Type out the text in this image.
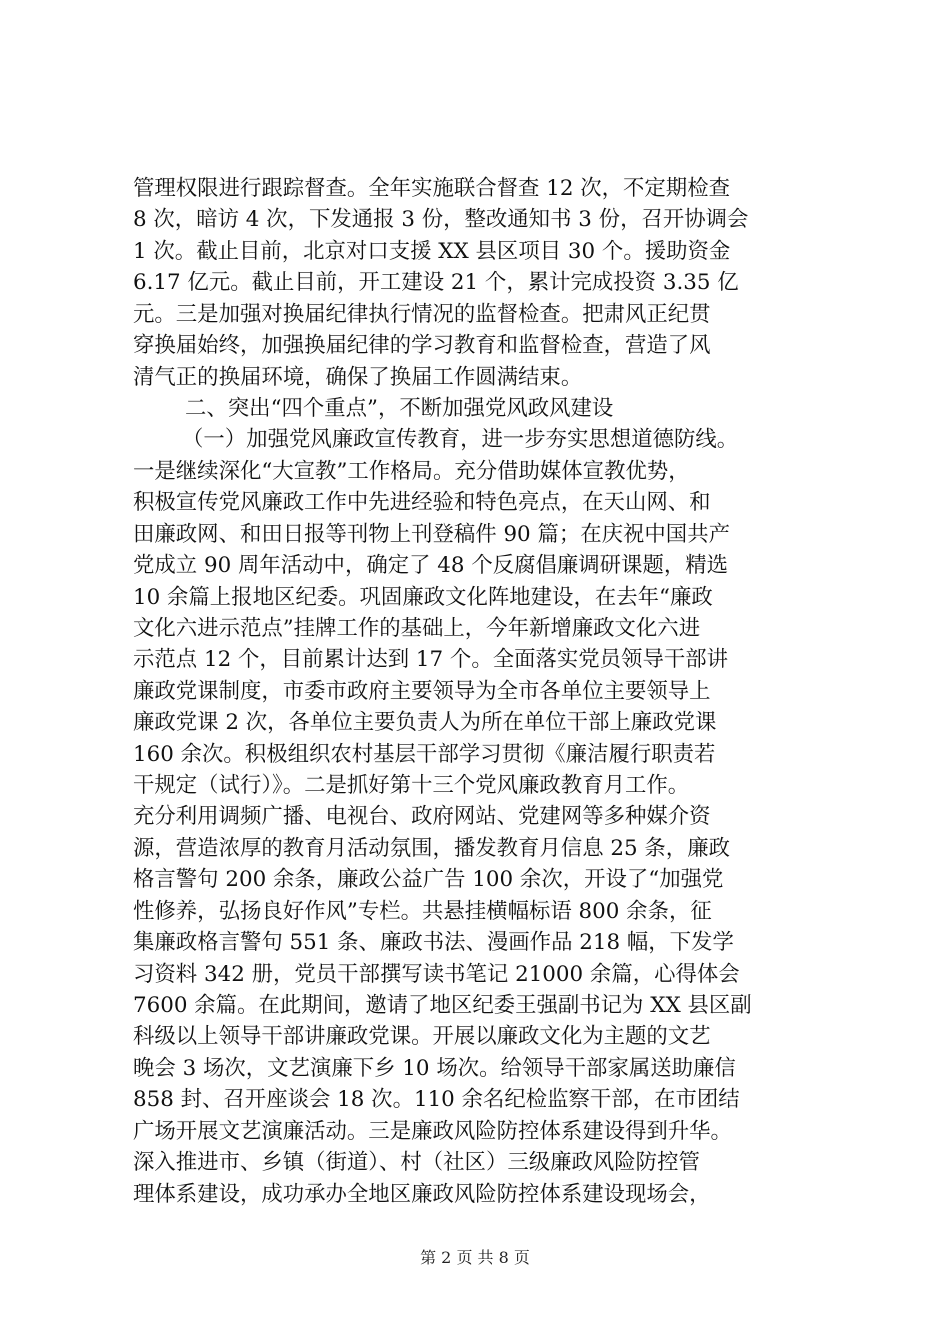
管理权限进行跟踪督查。全年实施联合督查 12 次，不定期检查
8 次，暗访 4 次，下发通报 3 份，整改通知书 3 份，召开协调会
1 次。截止目前，北京对口支援 XX 县区项目 30 个。援助资金
6.17 亿元。截止目前，开工建设 21 个，累计完成投资 3.35 亿
元。三是加强对换届纪律执行情况的监督检查。把肃风正纪贯
穿换届始终，加强换届纪律的学习教育和监督检查，营造了风
清气正的换届环境，确保了换届工作圆满结束。
二、突出“四个重点”，不断加强党风政风建设
（一）加强党风廉政宣传教育，进一步夯实思想道德防线。
一是继续深化“大宣教”工作格局。充分借助媒体宣教优势，
积极宣传党风廉政工作中先进经验和特色亮点，在天山网、和
田廉政网、和田日报等刊物上刊登稿件 90 篇；在庆祝中国共产
党成立 90 周年活动中，确定了 48 个反腐倡廉调研课题，精选
10 余篇上报地区纪委。巩固廉政文化阵地建设，在去年“廉政
文化六进示范点”挂牌工作的基础上，今年新增廉政文化六进
示范点 12 个，目前累计达到 17 个。全面落实党员领导干部讲
廉政党课制度，市委市政府主要领导为全市各单位主要领导上
廉政党课 2 次，各单位主要负责人为所在单位干部上廉政党课
160 余次。积极组织农村基层干部学习贯彻《廉洁履行职责若
干规定（试行）》。二是抓好第十三个党风廉政教育月工作。
充分利用调频广播、电视台、政府网站、党建网等多种媒介资
源，营造浓厚的教育月活动氛围，播发教育月信息 25 条，廉政
格言警句 200 余条，廉政公益广告 100 余次，开设了“加强党
性修养，弘扬良好作风”专栏。共悬挂横幅标语 800 余条，征
集廉政格言警句 551 条、廉政书法、漫画作品 218 幅，下发学
习资料 342 册，党员干部撰写读书笔记 21000 余篇，心得体会
7600 余篇。在此期间，邀请了地区纪委王强副书记为 XX 县区副
科级以上领导干部讲廉政党课。开展以廉政文化为主题的文艺
晚会 3 场次，文艺演廉下乡 10 场次。给领导干部家属送助廉信
858 封、召开座谈会 18 次。110 余名纪检监察干部，在市团结
广场开展文艺演廉活动。三是廉政风险防控体系建设得到升华。
深入推进市、乡镇（街道）、村（社区）三级廉政风险防控管
理体系建设，成功承办全地区廉政风险防控体系建设现场会，
第 2 页 共 8 页
